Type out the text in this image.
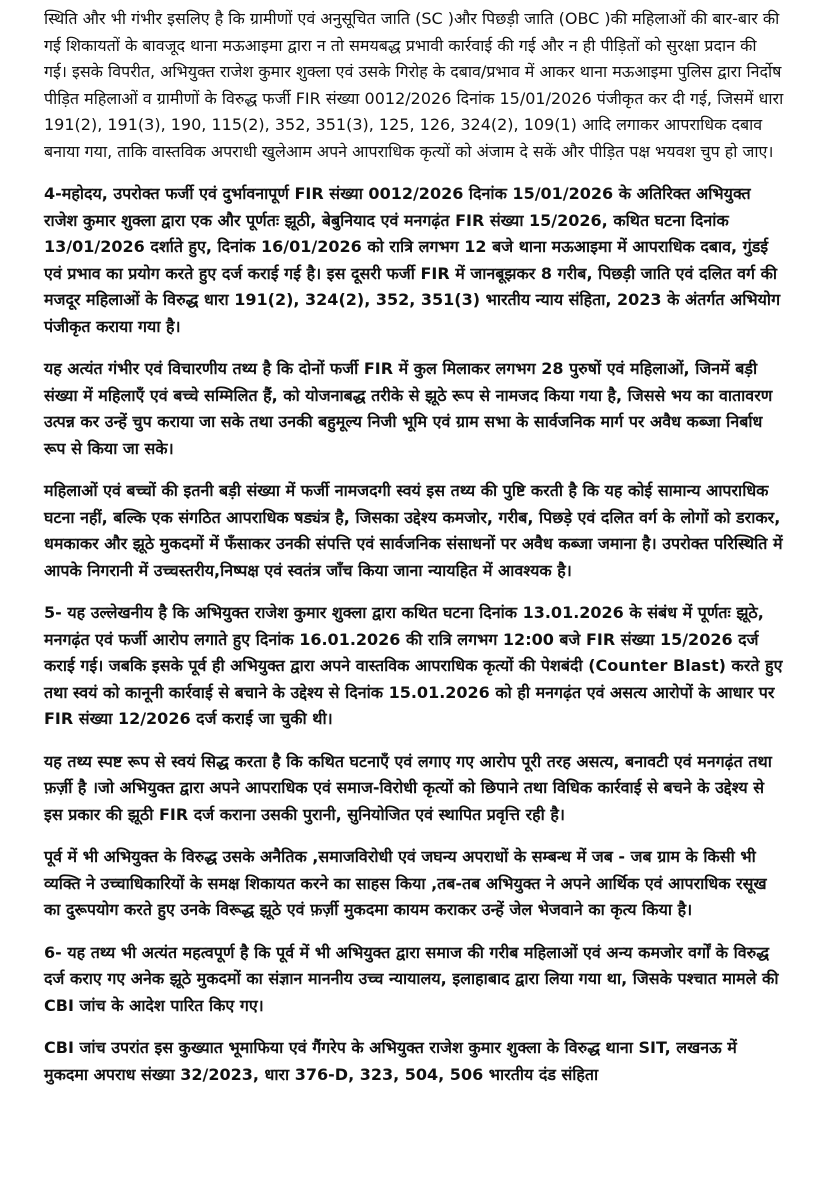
स्थिति और भी गंभीर इसलिए है कि ग्रामीणों एवं अनुसूचित जाति (SC )और पिछड़ी जाति (OBC )की महिलाओं की बार-बार की गई शिकायतों के बावजूद थाना मऊआइमा द्वारा न तो समयबद्ध प्रभावी कार्रवाई की गई और न ही पीड़ितों को सुरक्षा प्रदान की गई। इसके विपरीत, अभियुक्त राजेश कुमार शुक्ला एवं उसके गिरोह के दबाव/प्रभाव में आकर थाना मऊआइमा पुलिस द्वारा निर्दोष पीड़ित महिलाओं व ग्रामीणों के विरुद्ध फर्जी FIR संख्या 0012/2026 दिनांक 15/01/2026 पंजीकृत कर दी गई, जिसमें धारा 191(2), 191(3), 190, 115(2), 352, 351(3), 125, 126, 324(2), 109(1) आदि लगाकर आपराधिक दबाव बनाया गया, ताकि वास्तविक अपराधी खुलेआम अपने आपराधिक कृत्यों को अंजाम दे सकें और पीड़ित पक्ष भयवश चुप हो जाए।

4-महोदय, उपरोक्त फर्जी एवं दुर्भावनापूर्ण FIR संख्या 0012/2026 दिनांक 15/01/2026 के अतिरिक्त अभियुक्त राजेश कुमार शुक्ला द्वारा एक और पूर्णतः झूठी, बेबुनियाद एवं मनगढ़ंत FIR संख्या 15/2026, कथित घटना दिनांक 13/01/2026 दर्शाते हुए, दिनांक 16/01/2026 को रात्रि लगभग 12 बजे थाना मऊआइमा में आपराधिक दबाव, गुंडई एवं प्रभाव का प्रयोग करते हुए दर्ज कराई गई है। इस दूसरी फर्जी FIR में जानबूझकर 8 गरीब, पिछड़ी जाति एवं दलित वर्ग की मजदूर महिलाओं के विरुद्ध धारा 191(2), 324(2), 352, 351(3) भारतीय न्याय संहिता, 2023 के अंतर्गत अभियोग पंजीकृत कराया गया है।

यह अत्यंत गंभीर एवं विचारणीय तथ्य है कि दोनों फर्जी FIR में कुल मिलाकर लगभग 28 पुरुषों एवं महिलाओं, जिनमें बड़ी संख्या में महिलाएँ एवं बच्चे सम्मिलित हैं, को योजनाबद्ध तरीके से झूठे रूप से नामजद किया गया है, जिससे भय का वातावरण उत्पन्न कर उन्हें चुप कराया जा सके तथा उनकी बहुमूल्य निजी भूमि एवं ग्राम सभा के सार्वजनिक मार्ग पर अवैध कब्जा निर्बाध रूप से किया जा सके।

महिलाओं एवं बच्चों की इतनी बड़ी संख्या में फर्जी नामजदगी स्वयं इस तथ्य की पुष्टि करती है कि यह कोई सामान्य आपराधिक घटना नहीं, बल्कि एक संगठित आपराधिक षड्यंत्र है, जिसका उद्देश्य कमजोर, गरीब, पिछड़े एवं दलित वर्ग के लोगों को डराकर, धमकाकर और झूठे मुकदमों में फँसाकर उनकी संपत्ति एवं सार्वजनिक संसाधनों पर अवैध कब्जा जमाना है। उपरोक्त परिस्थिति में आपके निगरानी में उच्चस्तरीय,निष्पक्ष एवं स्वतंत्र जाँच किया जाना न्यायहित में आवश्यक है।

5- यह उल्लेखनीय है कि अभियुक्त राजेश कुमार शुक्ला द्वारा कथित घटना दिनांक 13.01.2026 के संबंध में पूर्णतः झूठे, मनगढ़ंत एवं फर्जी आरोप लगाते हुए दिनांक 16.01.2026 की रात्रि लगभग 12:00 बजे FIR संख्या 15/2026 दर्ज कराई गई। जबकि इसके पूर्व ही अभियुक्त द्वारा अपने वास्तविक आपराधिक कृत्यों की पेशबंदी (Counter Blast) करते हुए तथा स्वयं को कानूनी कार्रवाई से बचाने के उद्देश्य से दिनांक 15.01.2026 को ही मनगढ़ंत एवं असत्य आरोपों के आधार पर FIR संख्या 12/2026 दर्ज कराई जा चुकी थी।

यह तथ्य स्पष्ट रूप से स्वयं सिद्ध करता है कि कथित घटनाएँ एवं लगाए गए आरोप पूरी तरह असत्य, बनावटी एवं मनगढ़ंत तथा फ़र्ज़ी है ।जो अभियुक्त द्वारा अपने आपराधिक एवं समाज-विरोधी कृत्यों को छिपाने तथा विधिक कार्रवाई से बचने के उद्देश्य से इस प्रकार की झूठी FIR दर्ज कराना उसकी पुरानी, सुनियोजित एवं स्थापित प्रवृत्ति रही है।

पूर्व में भी अभियुक्त के विरुद्ध उसके अनैतिक ,समाजविरोधी एवं जघन्य अपराधों के सम्बन्ध में जब - जब ग्राम के किसी भी व्यक्ति ने उच्चाधिकारियों के समक्ष शिकायत करने का साहस किया ,तब-तब अभियुक्त ने अपने आर्थिक एवं आपराधिक रसूख का दुरूपयोग करते हुए उनके विरूद्ध झूठे एवं फ़र्ज़ी मुकदमा कायम कराकर उन्हें जेल भेजवाने का कृत्य किया है।

6- यह तथ्य भी अत्यंत महत्वपूर्ण है कि पूर्व में भी अभियुक्त द्वारा समाज की गरीब महिलाओं एवं अन्य कमजोर वर्गों के विरुद्ध दर्ज कराए गए अनेक झूठे मुकदमों का संज्ञान माननीय उच्च न्यायालय, इलाहाबाद द्वारा लिया गया था, जिसके पश्चात मामले की CBI जांच के आदेश पारित किए गए।

CBI जांच उपरांत इस कुख्यात भूमाफिया एवं गैंगरेप के अभियुक्त राजेश कुमार शुक्ला के विरुद्ध थाना SIT, लखनऊ में मुकदमा अपराध संख्या 32/2023, धारा 376-D, 323, 504, 506 भारतीय दंड संहिता
